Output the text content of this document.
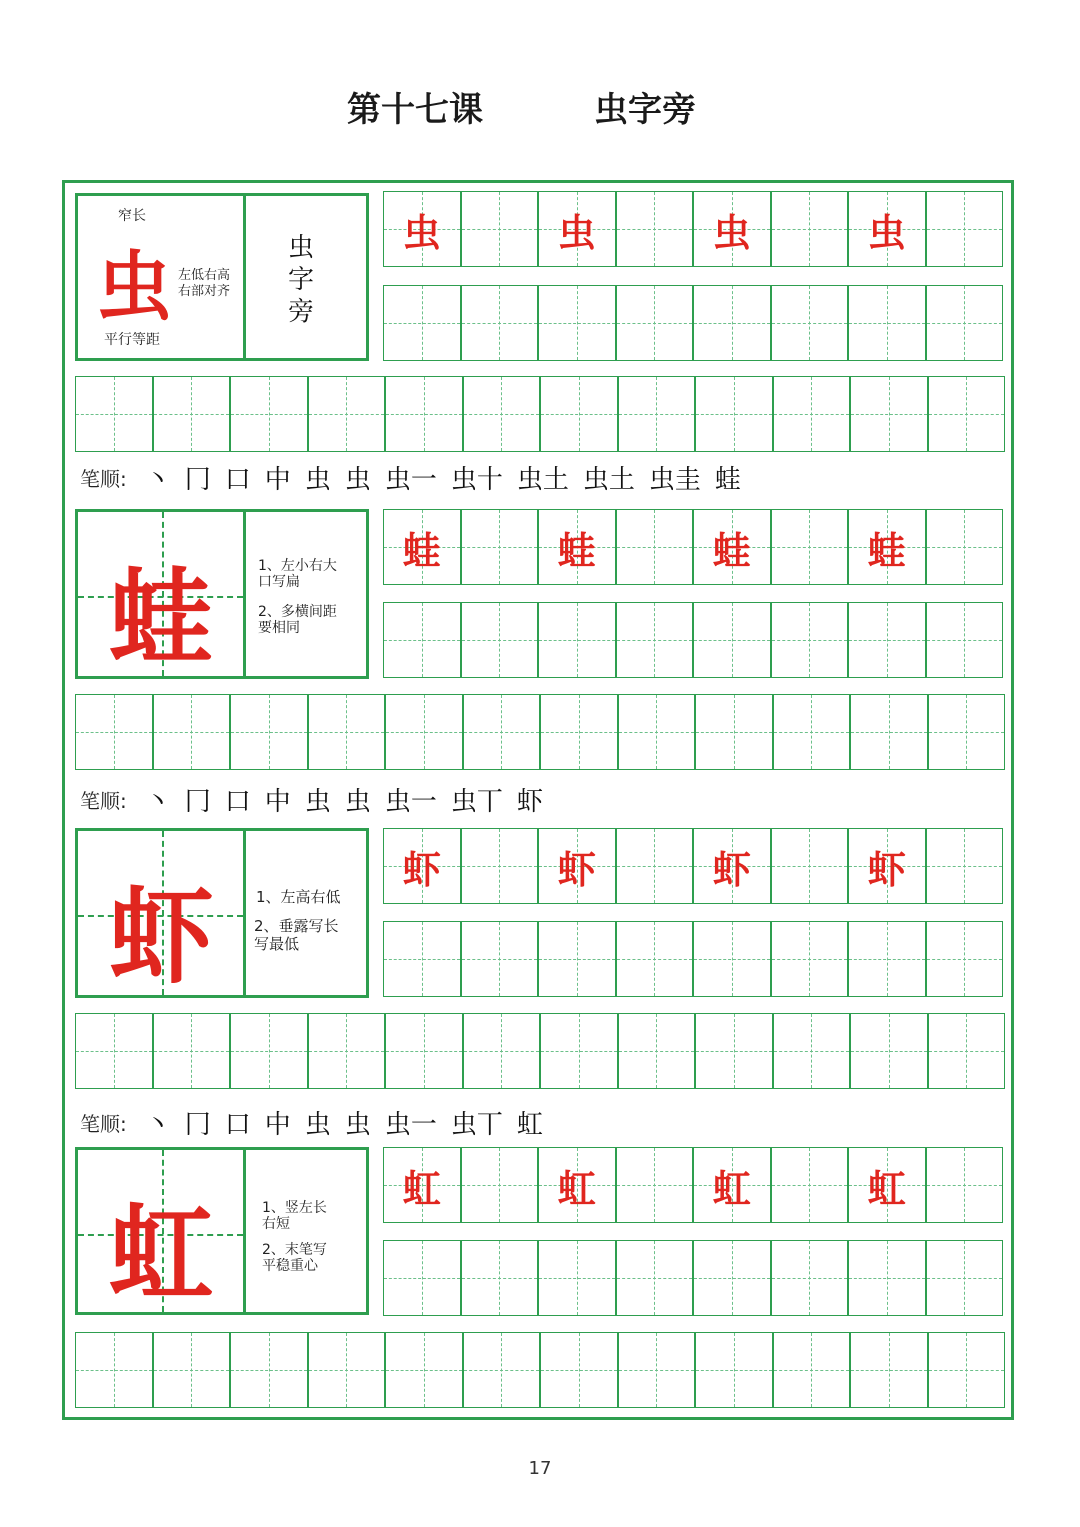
第十七课	虫字旁
窄长
虫 左低右高
右部对齐
平行等距
虫
字
旁
虫	虫	虫	虫
笔顺: 丶 冂 口 中 虫 虫 虫一 虫十 虫土 虫土 虫圭 蛙
蛙	1、左小右大
口写扁
2、多横间距
要相同
蛙	蛙	蛙	蛙
笔顺: 丶 冂 口 中 虫 虫 虫一 虫丅 虾
虾	1、左高右低
2、垂露写长
写最低
虾	虾	虾	虾
笔顺: 丶 冂 口 中 虫 虫 虫一 虫丅 虹
虹	1、竖左长
右短
2、末笔写
平稳重心
虹	虹	虹	虹
17
